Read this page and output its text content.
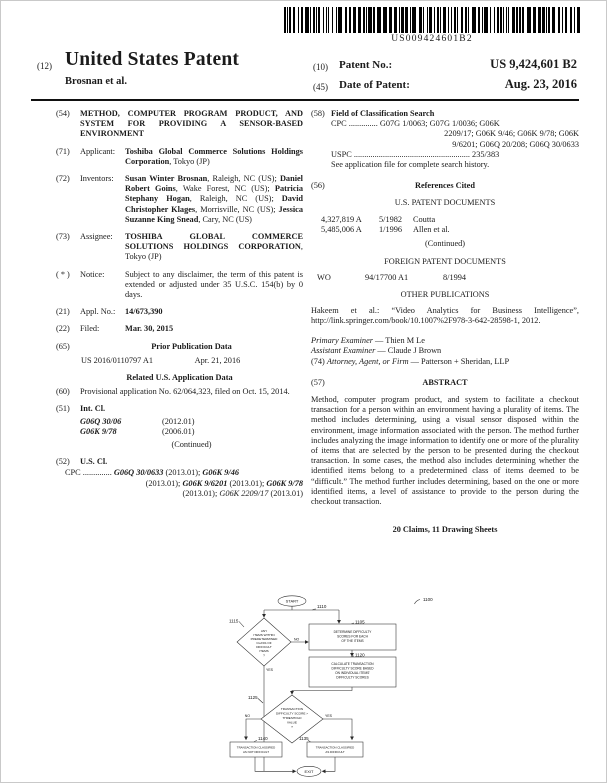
US009424601B2
(12) United States Patent
Brosnan et al.
(10) Patent No.:	US 9,424,601 B2
(45) Date of Patent:	Aug. 23, 2016
(54)	METHOD, COMPUTER PROGRAM PRODUCT, AND SYSTEM FOR PROVIDING A SENSOR-BASED ENVIRONMENT
(71)	Applicant:	Toshiba Global Commerce Solutions Holdings Corporation, Tokyo (JP)
(72)	Inventors:	Susan Winter Brosnan, Raleigh, NC (US); Daniel Robert Goins, Wake Forest, NC (US); Patricia Stephany Hogan, Raleigh, NC (US); David Christopher Klages, Morrisville, NC (US); Jessica Suzanne King Snead, Cary, NC (US)
(73)	Assignee:	TOSHIBA GLOBAL COMMERCE SOLUTIONS HOLDINGS CORPORATION, Tokyo (JP)
( * )	Notice:	Subject to any disclaimer, the term of this patent is extended or adjusted under 35 U.S.C. 154(b) by 0 days.
(21)	Appl. No.:	14/673,390
(22)	Filed:	Mar. 30, 2015
(65)	Prior Publication Data
US 2016/0110797 A1	Apr. 21, 2016
Related U.S. Application Data
(60)	Provisional application No. 62/064,323, filed on Oct. 15, 2014.
(51)	Int. Cl.
G06Q 30/06	(2012.01)
G06K 9/78	(2006.01)
(Continued)
(52)	U.S. Cl.
CPC .............. G06Q 30/0633 (2013.01); G06K 9/46
(2013.01); G06K 9/6201 (2013.01); G06K 9/78
(2013.01); G06K 2209/17 (2013.01)
(58) Field of Classification Search
CPC .............. G07G 1/0063; G07G 1/0036; G06K
2209/17; G06K 9/46; G06K 9/78; G06K
9/6201; G06Q 20/208; G06Q 30/0633
USPC ........................................................ 235/383
See application file for complete search history.
(56)	References Cited
U.S. PATENT DOCUMENTS
4,327,819 A	5/1982	Coutta
5,485,006 A	1/1996	Allen et al.
(Continued)
FOREIGN PATENT DOCUMENTS
WO	94/17700 A1	8/1994
OTHER PUBLICATIONS
Hakeem et al.: “Video Analytics for Business Intelligence”, http://link.springer.com/book/10.1007%2F978-3-642-28598-1, 2012.
Primary Examiner — Thien M Le
Assistant Examiner — Claude J Brown
(74) Attorney, Agent, or Firm — Patterson + Sheridan, LLP
(57)	ABSTRACT
Method, computer program product, and system to facilitate a checkout transaction for a person within an environment having a plurality of items. The method includes determining, using a visual sensor disposed within the environment, image information associated with the person. The method further includes analyzing the image information to identify one or more of the plurality of items that are selected by the person to be presented during the checkout transaction. In some cases, the method also includes determining whether the identified items belong to a predetermined class of items deemed to be “difficult.” The method further includes determining, based on the one or more identified items, a level of assistance to provide to the person during the checkout transaction.
20 Claims, 11 Drawing Sheets
START
ANY
ITEMS WITHIN
PREDETERMINED
CLASS OF
DIFFICULT
ITEMS
?
DETERMINE DIFFICULTY
SCORES FOR EACH
OF THE ITEMS
CALCULATE TRANSACTION
DIFFICULTY SCORE BASED
ON INDIVIDUAL ITEMS'
DIFFICULTY SCORES
TRANSACTION
DIFFICULTY SCORE >
THRESHOLD
VALUE
?
TRANSACTION CLASSIFIED
AS NOT DIFFICULT
TRANSACTION CLASSIFIED
AS DIFFICULT
EXIT
NO
YES
YES
NO
1100
1110
1105
1115
1120
1125
1140	1135
